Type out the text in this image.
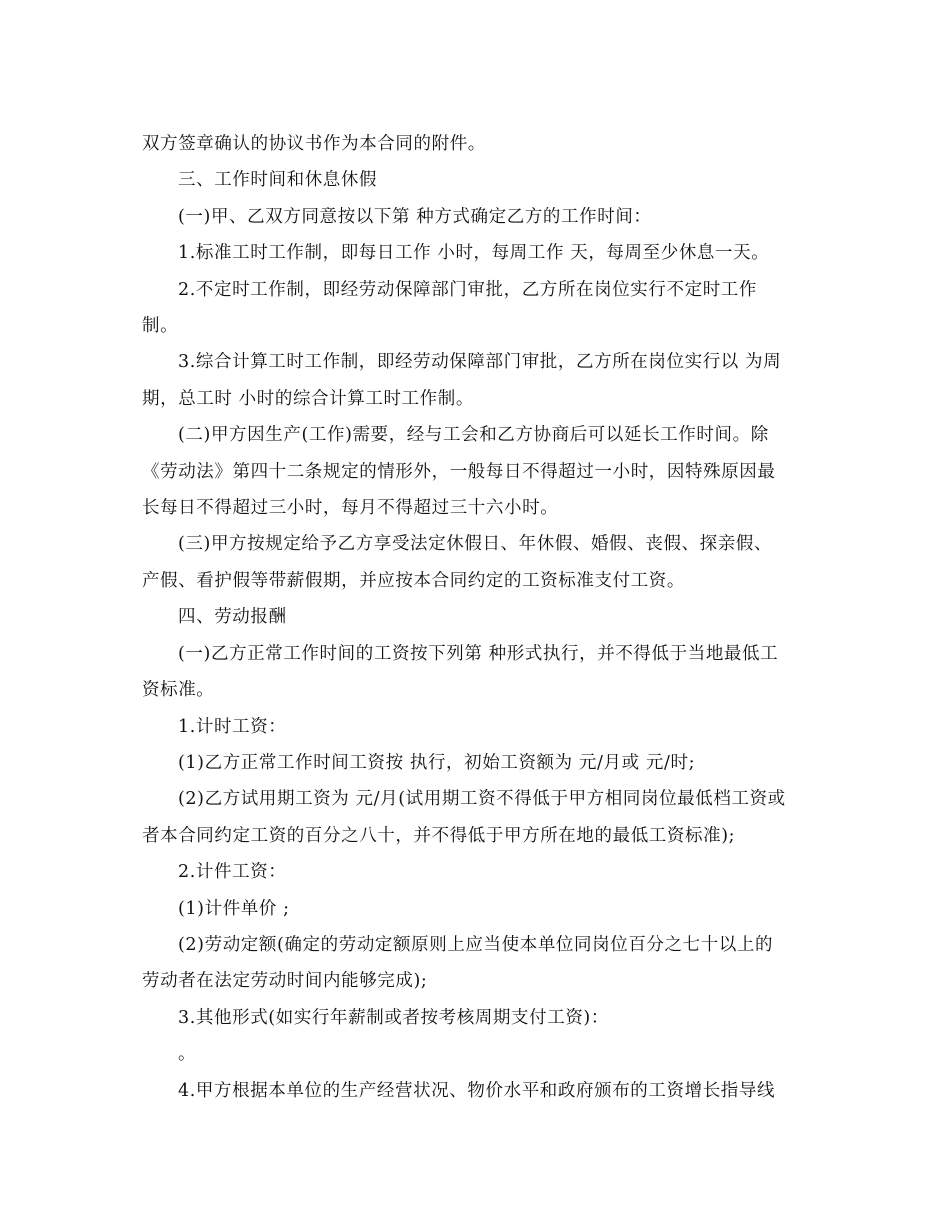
双方签章确认的协议书作为本合同的附件。
三、工作时间和休息休假
(一)甲、乙双方同意按以下第 种方式确定乙方的工作时间：
1.标准工时工作制，即每日工作 小时，每周工作 天，每周至少休息一天。
2.不定时工作制，即经劳动保障部门审批，乙方所在岗位实行不定时工作
制。
3.综合计算工时工作制，即经劳动保障部门审批，乙方所在岗位实行以 为周
期，总工时 小时的综合计算工时工作制。
(二)甲方因生产(工作)需要，经与工会和乙方协商后可以延长工作时间。除
《劳动法》第四十二条规定的情形外，一般每日不得超过一小时，因特殊原因最
长每日不得超过三小时，每月不得超过三十六小时。
(三)甲方按规定给予乙方享受法定休假日、年休假、婚假、丧假、探亲假、
产假、看护假等带薪假期，并应按本合同约定的工资标准支付工资。
四、劳动报酬
(一)乙方正常工作时间的工资按下列第 种形式执行，并不得低于当地最低工
资标准。
1.计时工资：
(1)乙方正常工作时间工资按 执行，初始工资额为 元/月或 元/时;
(2)乙方试用期工资为 元/月(试用期工资不得低于甲方相同岗位最低档工资或
者本合同约定工资的百分之八十，并不得低于甲方所在地的最低工资标准);
2.计件工资：
(1)计件单价 ;
(2)劳动定额(确定的劳动定额原则上应当使本单位同岗位百分之七十以上的
劳动者在法定劳动时间内能够完成);
3.其他形式(如实行年薪制或者按考核周期支付工资)：
。
4.甲方根据本单位的生产经营状况、物价水平和政府颁布的工资增长指导线
